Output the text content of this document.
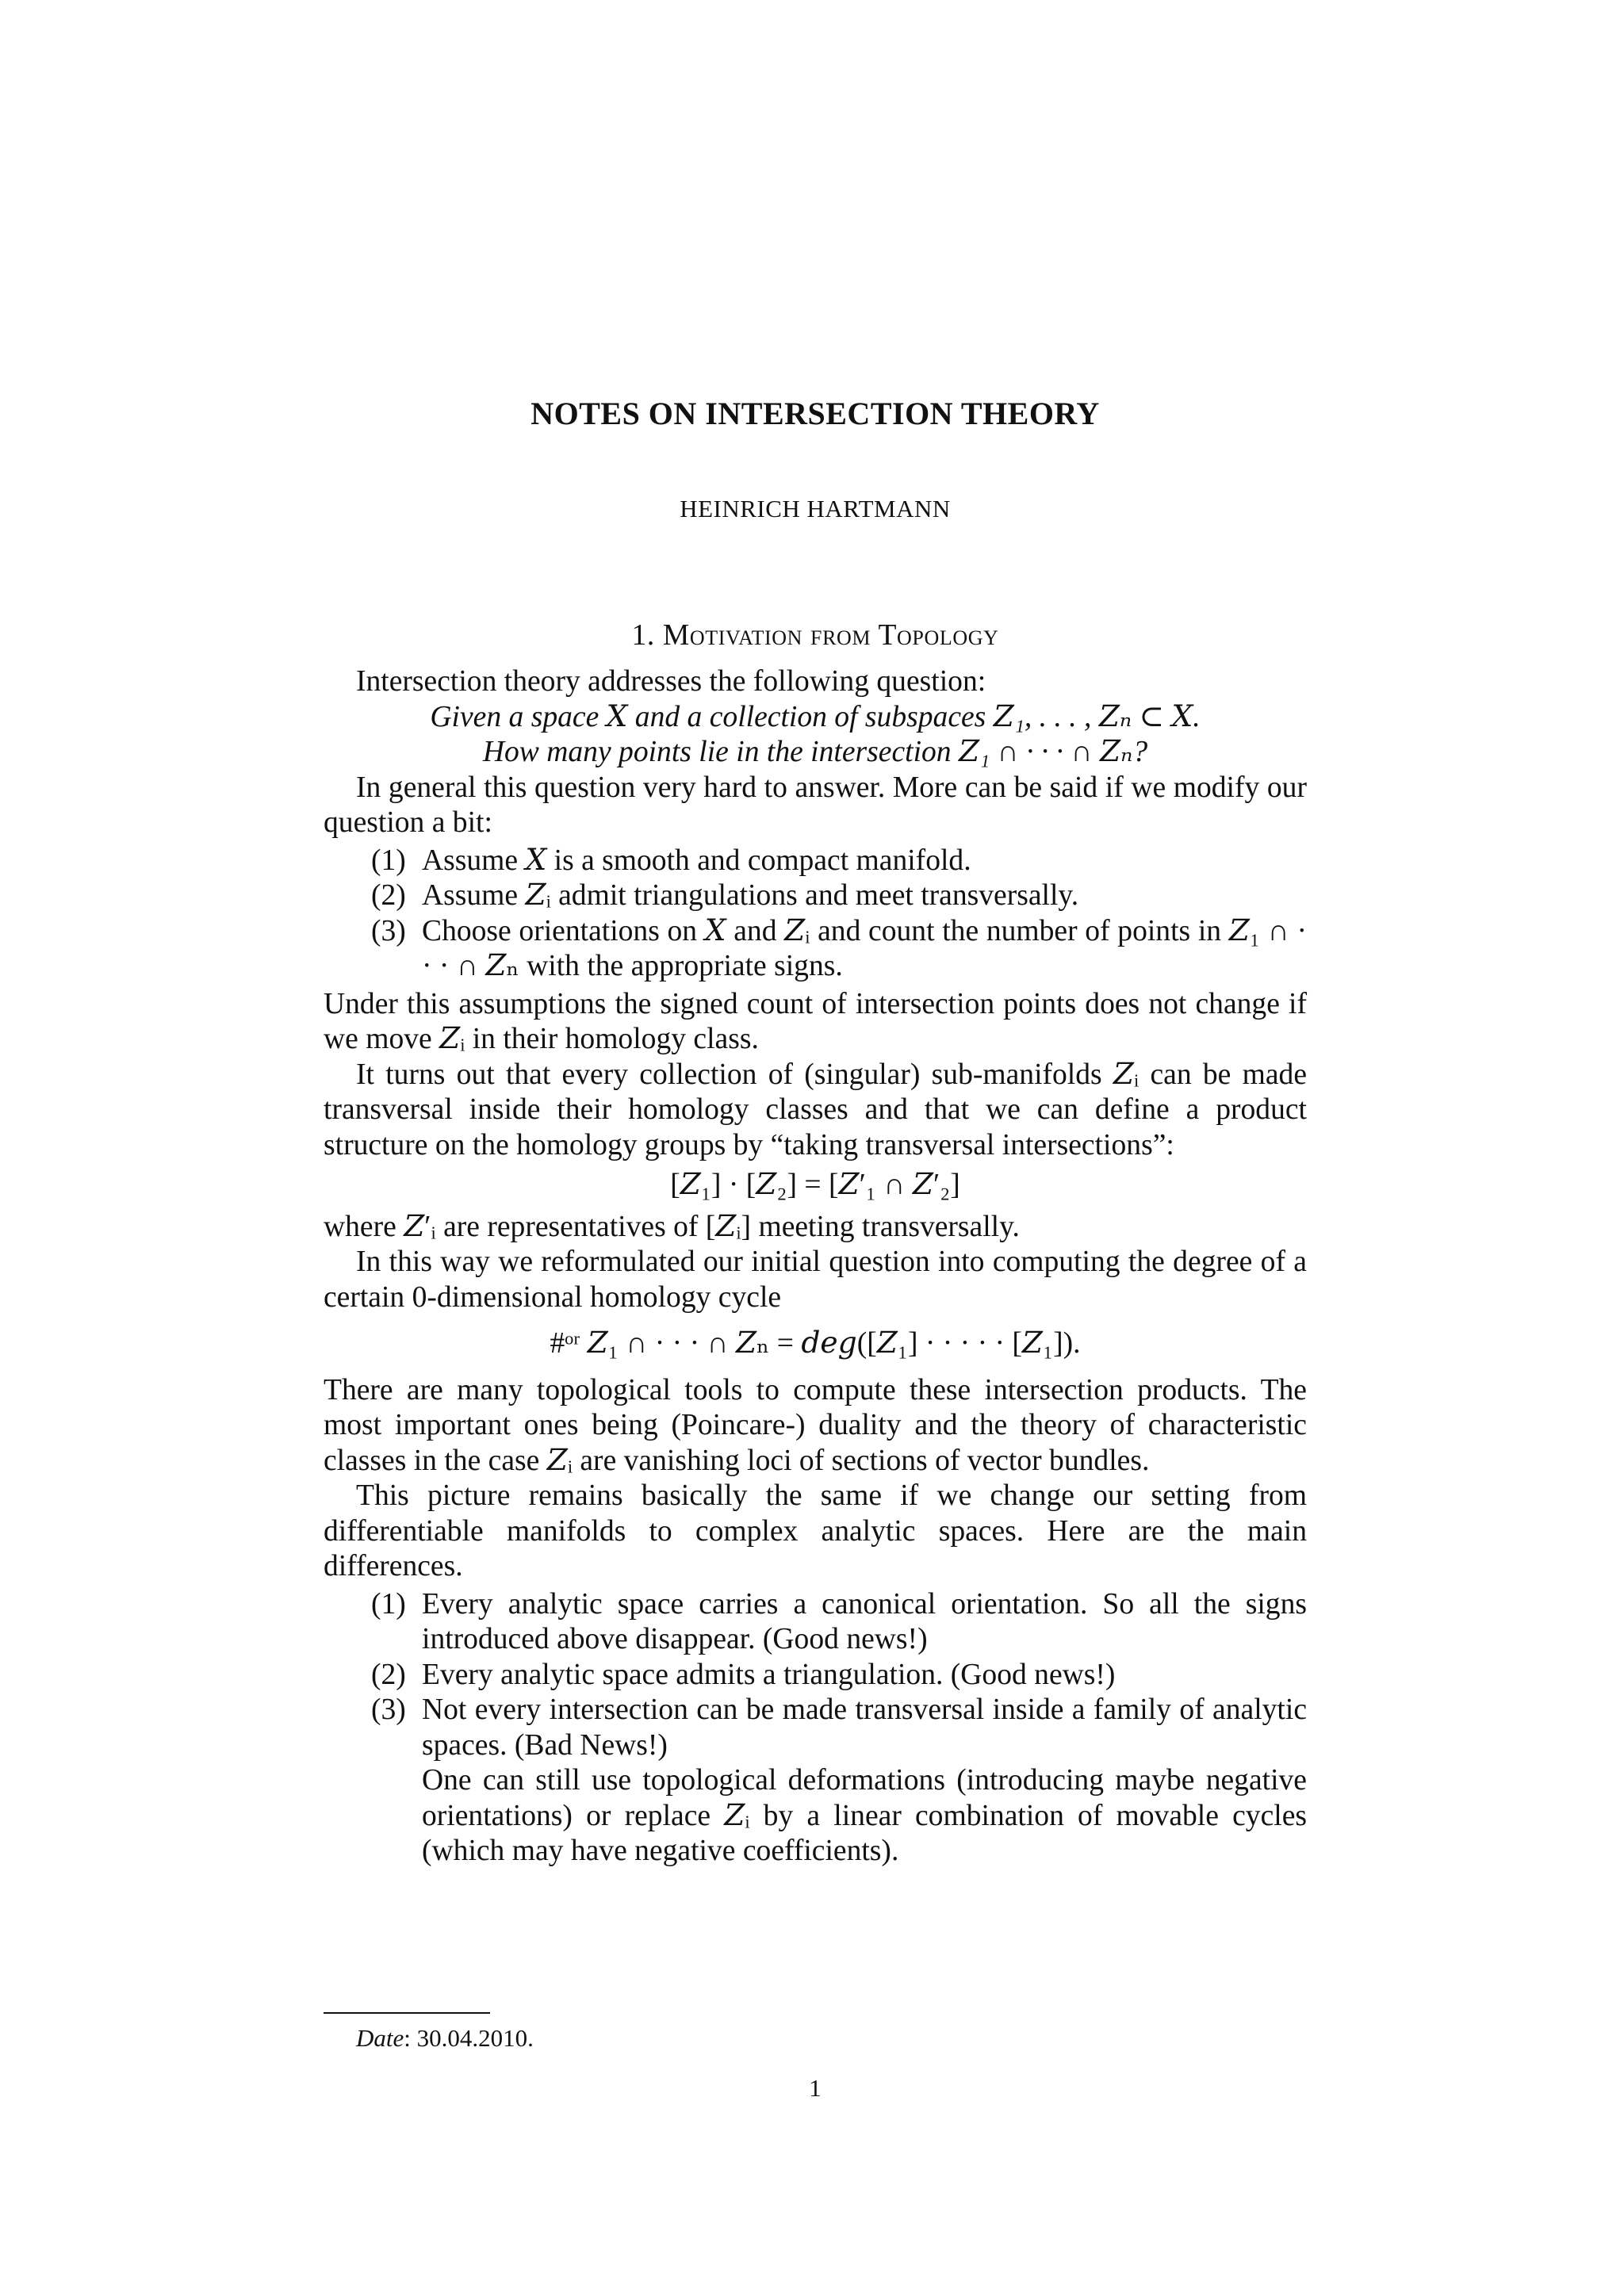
NOTES ON INTERSECTION THEORY
HEINRICH HARTMANN
1. Motivation from Topology

Intersection theory addresses the following question:

Given a space 𝑋 and a collection of subspaces 𝑍₁, . . . , 𝑍ₙ ⊂ 𝑋.

How many points lie in the intersection 𝑍₁ ∩ · · · ∩ 𝑍ₙ?

In general this question very hard to answer. More can be said if we modify our question a bit:

(1) Assume 𝑋 is a smooth and compact manifold.
(2) Assume 𝑍ᵢ admit triangulations and meet transversally.
(3) Choose orientations on 𝑋 and 𝑍ᵢ and count the number of points in 𝑍₁ ∩ · · · ∩ 𝑍ₙ with the appropriate signs.

Under this assumptions the signed count of intersection points does not change if we move 𝑍ᵢ in their homology class.

It turns out that every collection of (singular) sub-manifolds 𝑍ᵢ can be made transversal inside their homology classes and that we can define a product structure on the homology groups by “taking transversal intersections”:

[𝑍₁] · [𝑍₂] = [𝑍′₁ ∩ 𝑍′₂]

where 𝑍′ᵢ are representatives of [𝑍ᵢ] meeting transversally.

In this way we reformulated our initial question into computing the degree of a certain 0-dimensional homology cycle

#ᵒʳ 𝑍₁ ∩ · · · ∩ 𝑍ₙ = 𝑑𝑒𝑔([𝑍₁] · · · · · [𝑍₁]).

There are many topological tools to compute these intersection products. The most important ones being (Poincare-) duality and the theory of characteristic classes in the case 𝑍ᵢ are vanishing loci of sections of vector bundles.

This picture remains basically the same if we change our setting from differentiable manifolds to complex analytic spaces. Here are the main differences.

(1) Every analytic space carries a canonical orientation. So all the signs introduced above disappear. (Good news!)
(2) Every analytic space admits a triangulation. (Good news!)
(3) Not every intersection can be made transversal inside a family of analytic spaces. (Bad News!)
One can still use topological deformations (introducing maybe negative orientations) or replace 𝑍ᵢ by a linear combination of movable cycles (which may have negative coefficients).
Date: 30.04.2010.
1
